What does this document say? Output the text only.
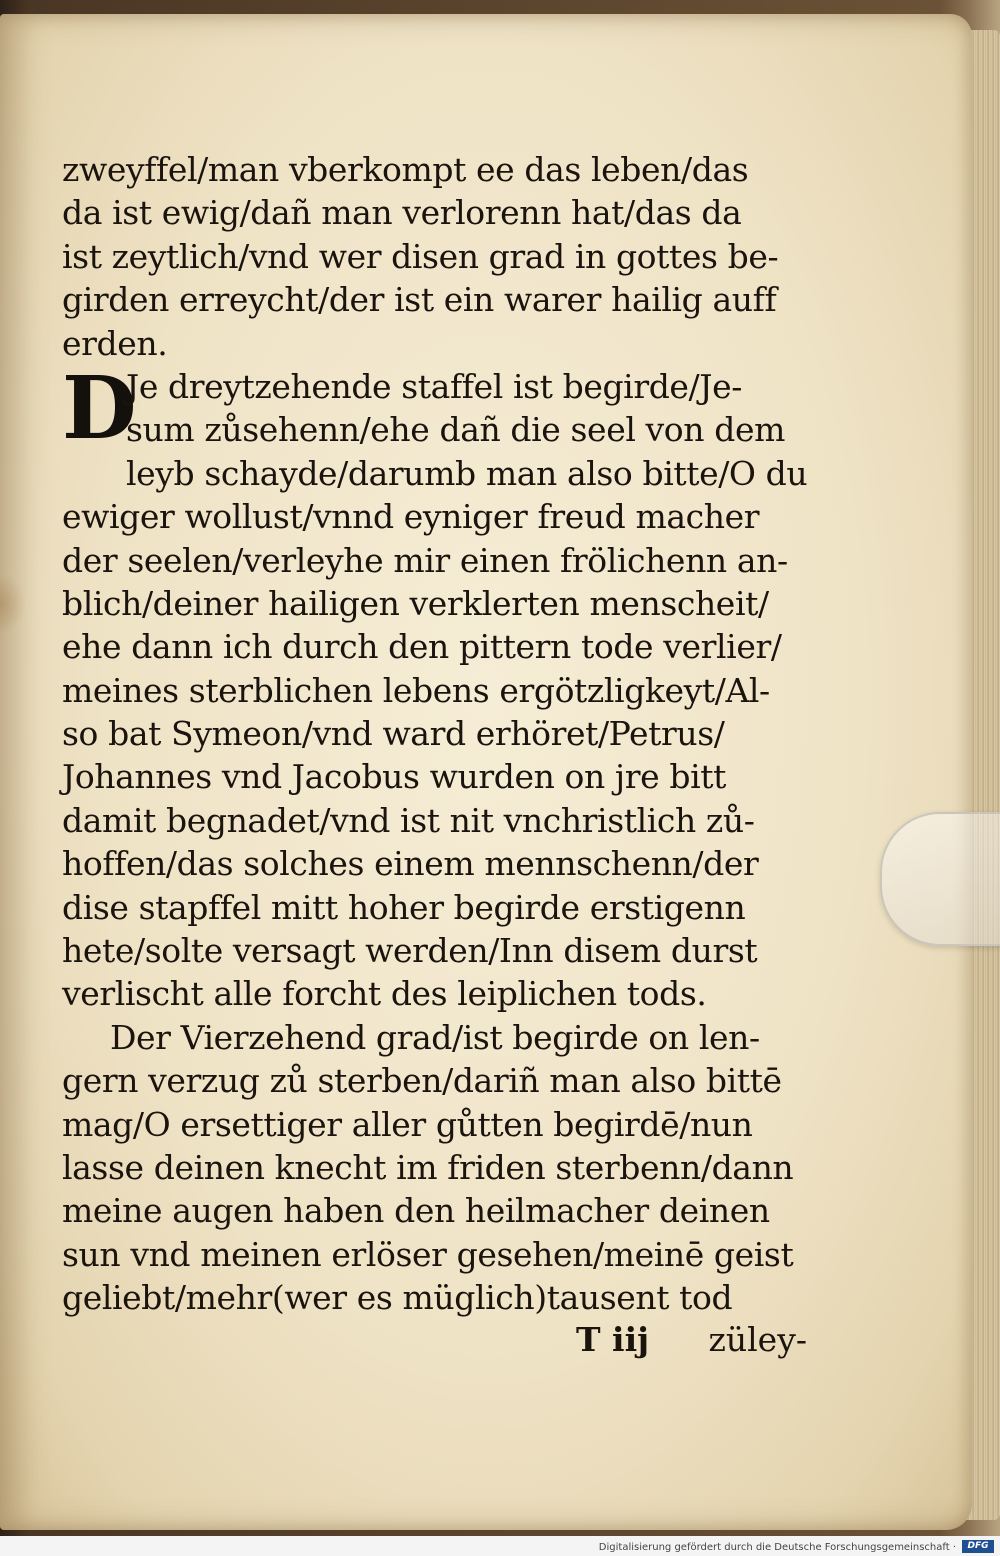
zweyffel/man vberkompt ee das leben/das
da ist ewig/dañ man verlorenn hat/das da
ist zeytlich/vnd wer disen grad in gottes be-
girden erreycht/der ist ein warer hailig auff
erden.
D
Je dreytzehende staffel ist begirde/Je-
sum zůsehenn/ehe dañ die seel von dem
leyb schayde/darumb man also bitte/O du
ewiger wollust/vnnd eyniger freud macher
der seelen/verleyhe mir einen frölichenn an-
blich/deiner hailigen verklerten menscheit/
ehe dann ich durch den pittern tode verlier/
meines sterblichen lebens ergötzligkeyt/Al-
so bat Symeon/vnd ward erhöret/Petrus/
Johannes vnd Jacobus wurden on jre bitt
damit begnadet/vnd ist nit vnchristlich zů-
hoffen/das solches einem mennschenn/der
dise stapffel mitt hoher begirde erstigenn
hete/solte versagt werden/Inn disem durst
verlischt alle forcht des leiplichen tods.
Der Vierzehend grad/ist begirde on len-
gern verzug zů sterben/dariñ man also bittē
mag/O ersettiger aller gůtten begirdē/nun
lasse deinen knecht im friden sterbenn/dann
meine augen haben den heilmacher deinen
sun vnd meinen erlöser gesehen/meinē geist
geliebt/mehr(wer es müglich)tausent tod
T iij züley-
Digitalisierung gefördert durch die Deutsche Forschungsgemeinschaft ·	DFG
